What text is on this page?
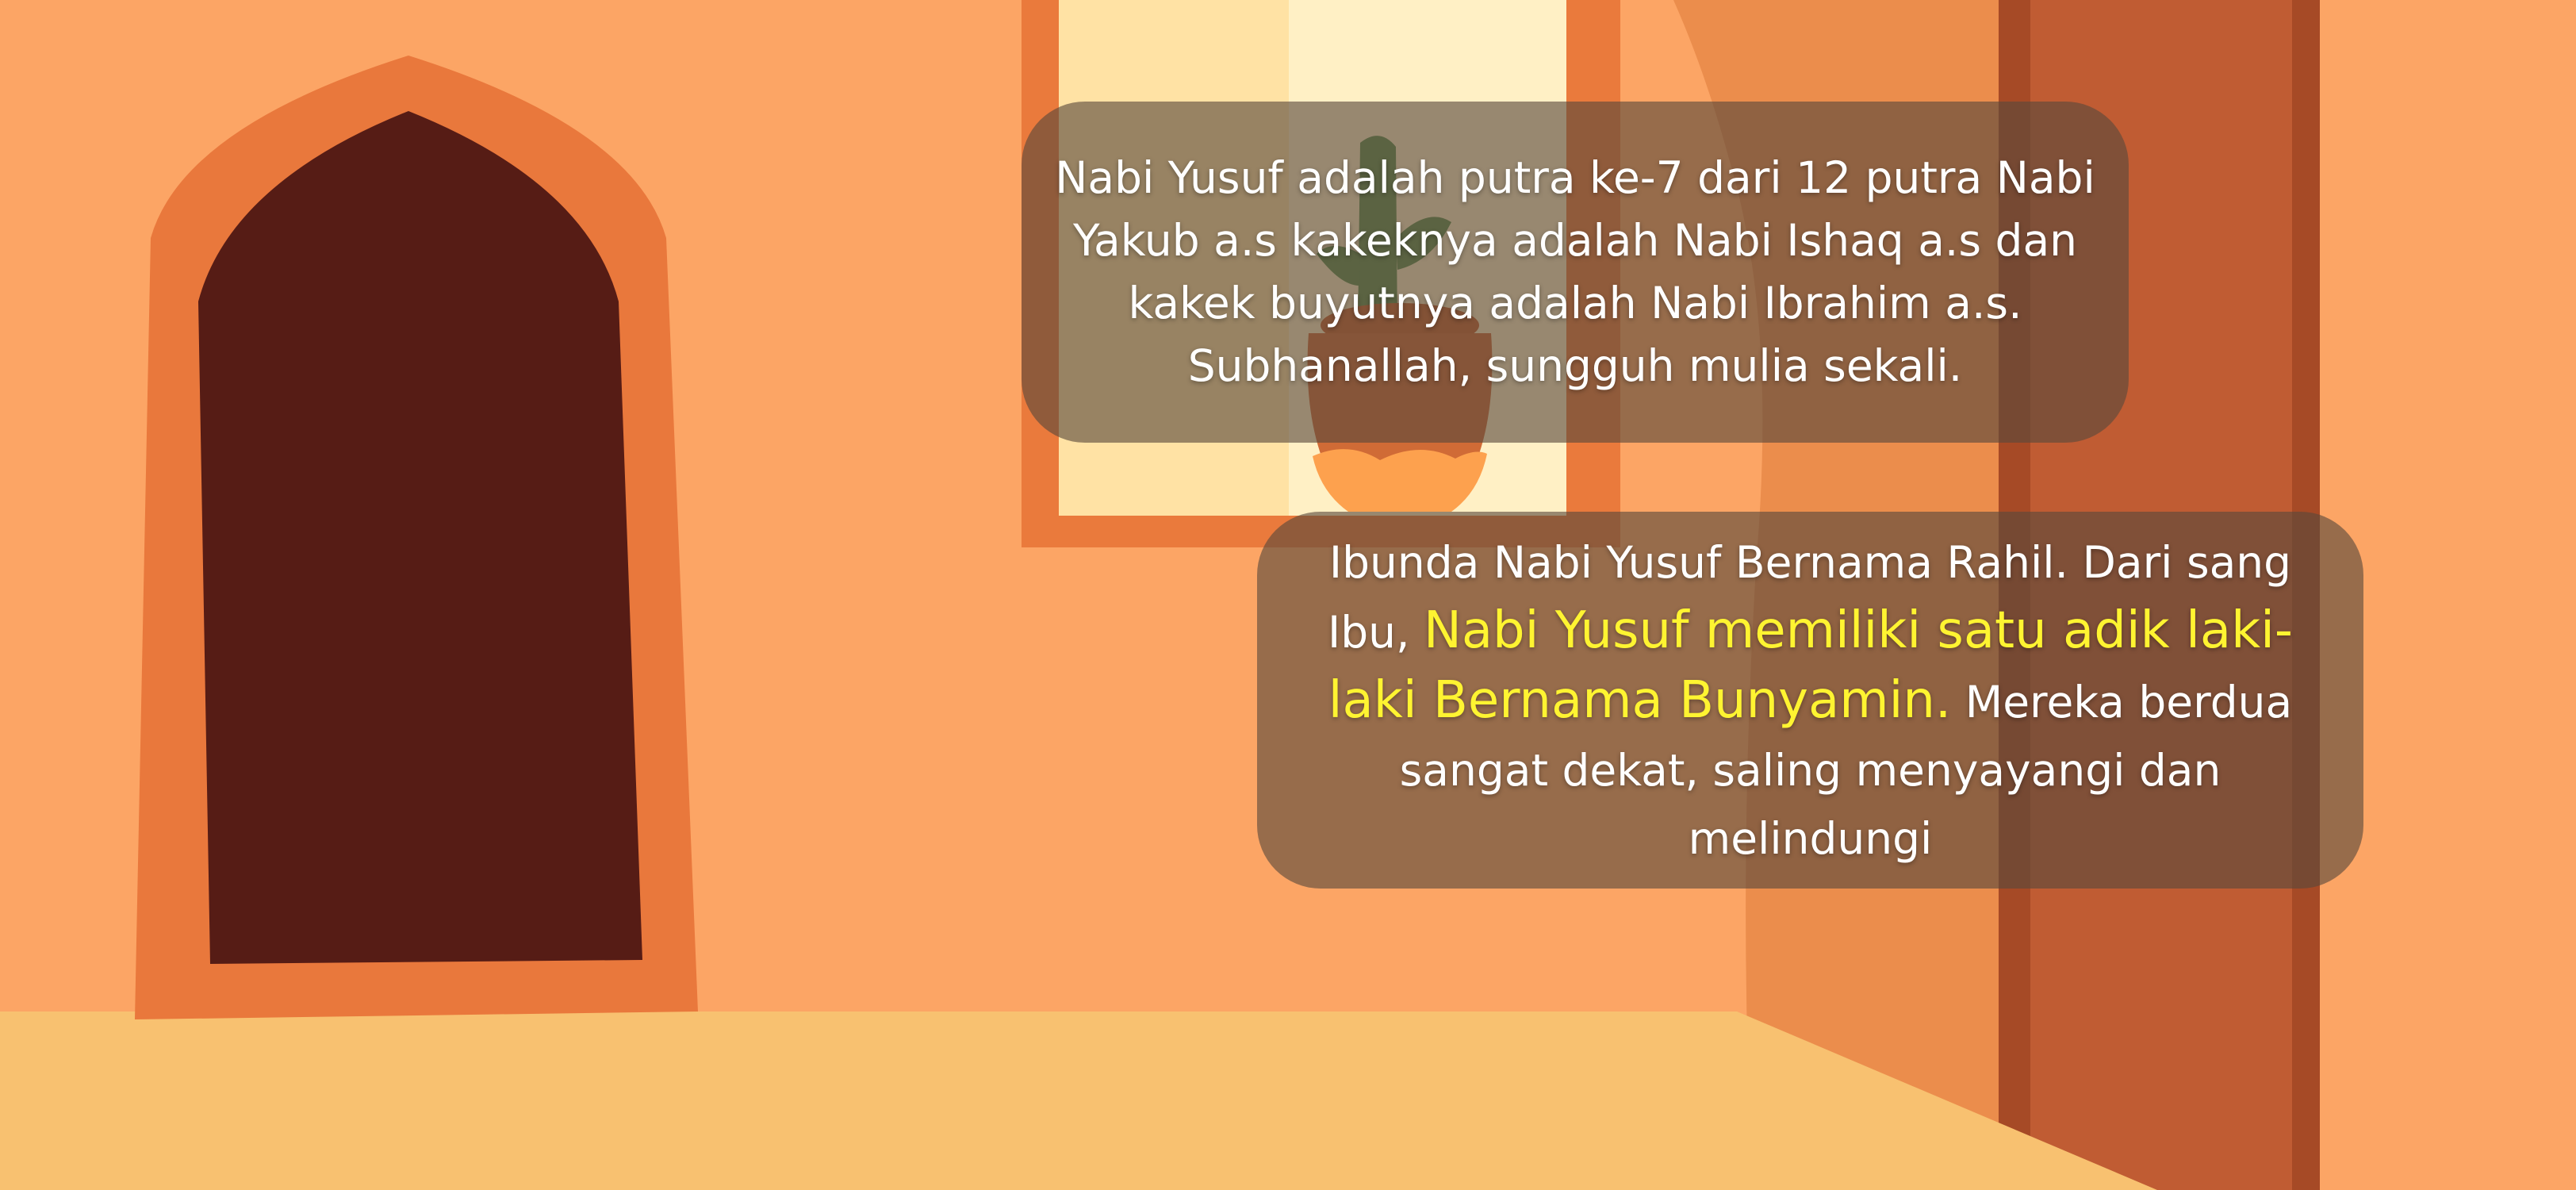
Nabi Yusuf adalah putra ke-7 dari 12 putra Nabi Yakub a.s kakeknya adalah Nabi Ishaq a.s dan kakek buyutnya adalah Nabi Ibrahim a.s. Subhanallah, sungguh mulia sekali.

Ibunda Nabi Yusuf Bernama Rahil. Dari sang Ibu, Nabi Yusuf memiliki satu adik laki-laki Bernama Bunyamin. Mereka berdua sangat dekat, saling menyayangi dan melindungi
